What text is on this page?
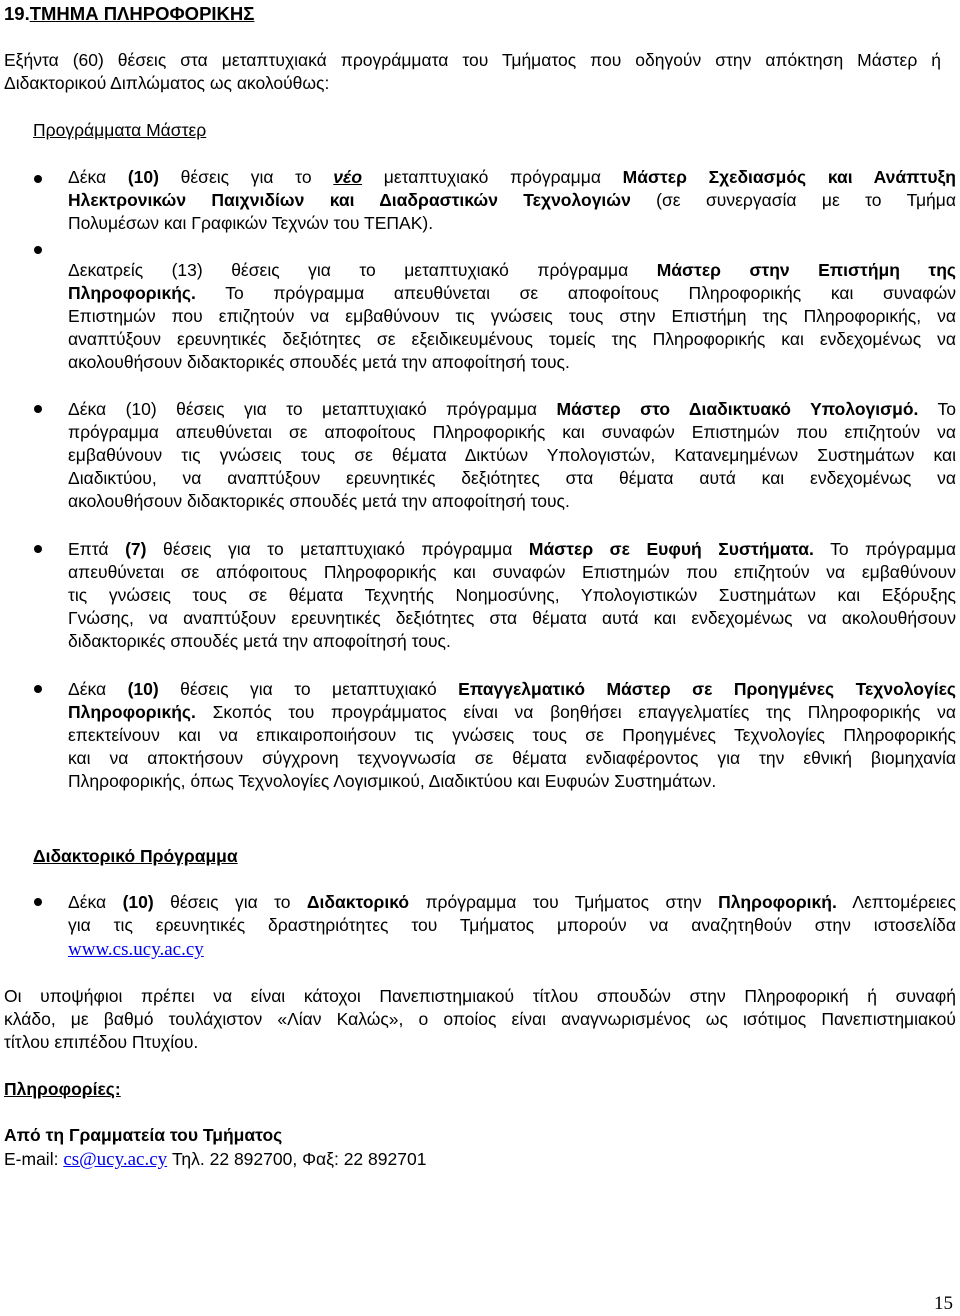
19.ΤΜΗΜΑ ΠΛΗΡΟΦΟΡΙΚΗΣ
Εξήντα (60) θέσεις στα μεταπτυχιακά προγράμματα του Τμήματος που οδηγούν στην απόκτηση Μάστερ ή
Διδακτορικού Διπλώματος ως ακολούθως:
Προγράμματα Μάστερ
Δέκα (10) θέσεις για το νέο μεταπτυχιακό πρόγραμμα Μάστερ Σχεδιασμός και Ανάπτυξη
Ηλεκτρονικών Παιχνιδίων και Διαδραστικών Τεχνολογιών (σε συνεργασία με το Τμήμα
Πολυμέσων και Γραφικών Τεχνών του ΤΕΠΑΚ).
Δεκατρείς (13) θέσεις για το μεταπτυχιακό πρόγραμμα Μάστερ στην Επιστήμη της
Πληροφορικής. Το πρόγραμμα απευθύνεται σε αποφοίτους Πληροφορικής και συναφών
Επιστημών που επιζητούν να εμβαθύνουν τις γνώσεις τους στην Επιστήμη της Πληροφορικής, να
αναπτύξουν ερευνητικές δεξιότητες σε εξειδικευμένους τομείς της Πληροφορικής και ενδεχομένως να
ακολουθήσουν διδακτορικές σπουδές μετά την αποφοίτησή τους.
Δέκα (10) θέσεις για το μεταπτυχιακό πρόγραμμα Μάστερ στο Διαδικτυακό Υπολογισμό. Το
πρόγραμμα απευθύνεται σε αποφοίτους Πληροφορικής και συναφών Επιστημών που επιζητούν να
εμβαθύνουν τις γνώσεις τους σε θέματα Δικτύων Υπολογιστών, Κατανεμημένων Συστημάτων και
Διαδικτύου, να αναπτύξουν ερευνητικές δεξιότητες στα θέματα αυτά και ενδεχομένως να
ακολουθήσουν διδακτορικές σπουδές μετά την αποφοίτησή τους.
Επτά (7) θέσεις για το μεταπτυχιακό πρόγραμμα Μάστερ σε Ευφυή Συστήματα. Το πρόγραμμα
απευθύνεται σε απόφοιτους Πληροφορικής και συναφών Επιστημών που επιζητούν να εμβαθύνουν
τις γνώσεις τους σε θέματα Τεχνητής Νοημοσύνης, Υπολογιστικών Συστημάτων και Εξόρυξης
Γνώσης, να αναπτύξουν ερευνητικές δεξιότητες στα θέματα αυτά και ενδεχομένως να ακολουθήσουν
διδακτορικές σπουδές μετά την αποφοίτησή τους.
Δέκα (10) θέσεις για το μεταπτυχιακό Επαγγελματικό Μάστερ σε Προηγμένες Τεχνολογίες
Πληροφορικής. Σκοπός του προγράμματος είναι να βοηθήσει επαγγελματίες της Πληροφορικής να
επεκτείνουν και να επικαιροποιήσουν τις γνώσεις τους σε Προηγμένες Τεχνολογίες Πληροφορικής
και να αποκτήσουν σύγχρονη τεχνογνωσία σε θέματα ενδιαφέροντος για την εθνική βιομηχανία
Πληροφορικής, όπως Τεχνολογίες Λογισμικού, Διαδικτύου και Ευφυών Συστημάτων.
Διδακτορικό Πρόγραμμα
Δέκα (10) θέσεις για το Διδακτορικό πρόγραμμα του Τμήματος στην Πληροφορική. Λεπτομέρειες
για τις ερευνητικές δραστηριότητες του Τμήματος μπορούν να αναζητηθούν στην ιστοσελίδα
www.cs.ucy.ac.cy
Οι υποψήφιοι πρέπει να είναι κάτοχοι Πανεπιστημιακού τίτλου σπουδών στην Πληροφορική ή συναφή
κλάδο, με βαθμό τουλάχιστον «Λίαν Καλώς», ο οποίος είναι αναγνωρισμένος ως ισότιμος Πανεπιστημιακού
τίτλου επιπέδου Πτυχίου.
Πληροφορίες:
Από τη Γραμματεία του Τμήματος
E-mail: cs@ucy.ac.cy Τηλ. 22 892700, Φαξ: 22 892701
15
